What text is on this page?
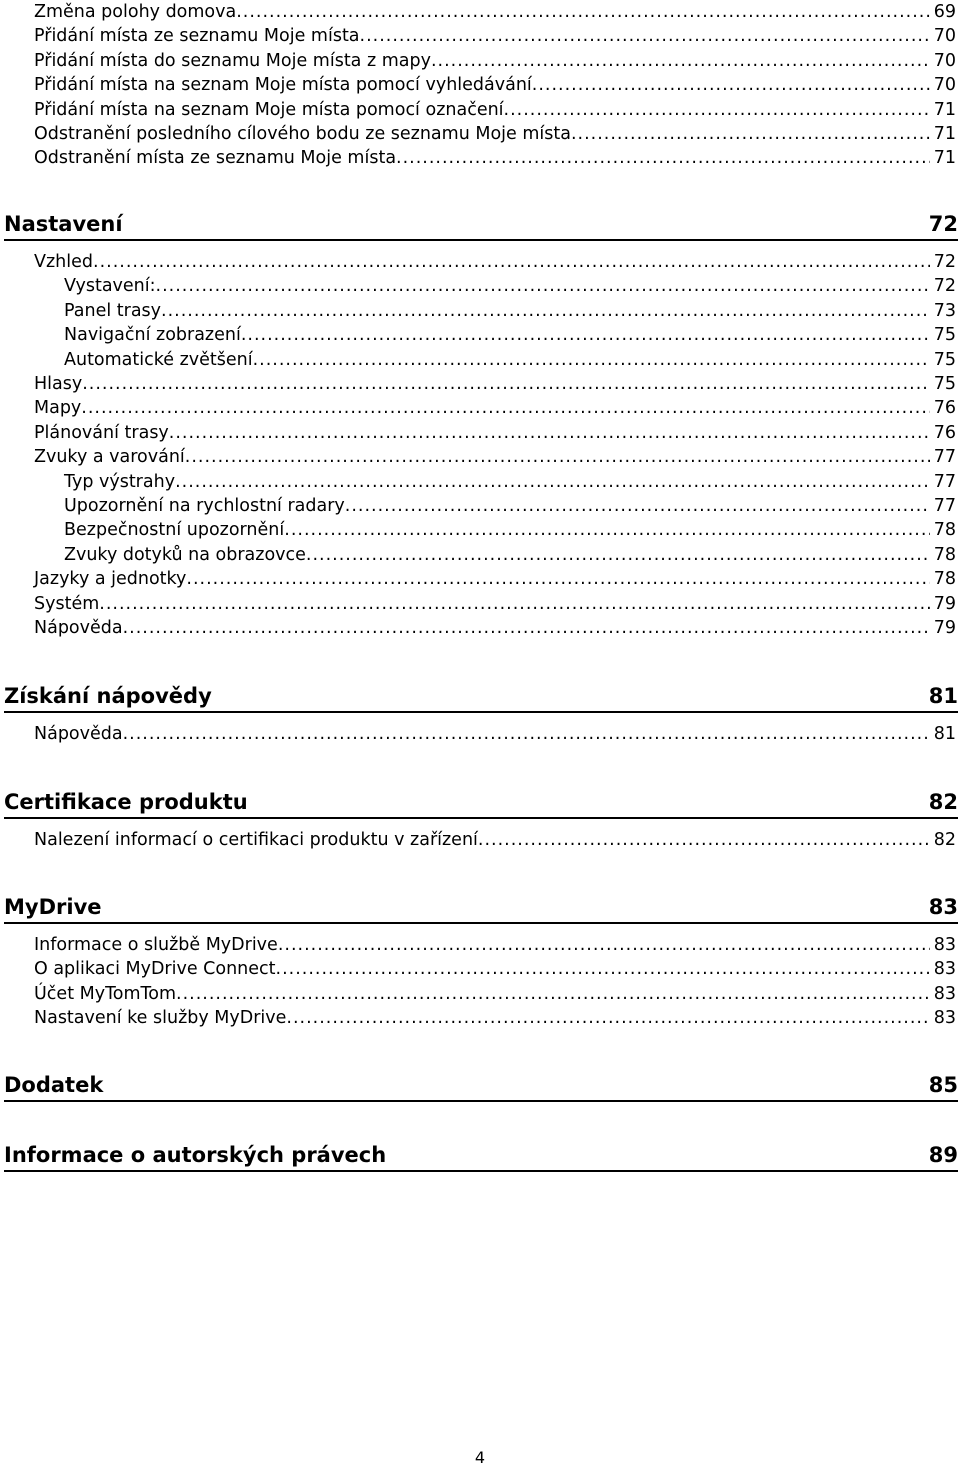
Změna polohy domova .....	69
Přidání místa ze seznamu Moje místa .....	70
Přidání místa do seznamu Moje místa z mapy .....	70
Přidání místa na seznam Moje místa pomocí vyhledávání .....	70
Přidání místa na seznam Moje místa pomocí označení .....	71
Odstranění posledního cílového bodu ze seznamu Moje místa .....	71
Odstranění místa ze seznamu Moje místa .....	71
Nastavení	72
Vzhled .....	72
Vystavení: .....	72
Panel trasy .....	73
Navigační zobrazení .....	75
Automatické zvětšení .....	75
Hlasy .....	75
Mapy .....	76
Plánování trasy .....	76
Zvuky a varování .....	77
Typ výstrahy .....	77
Upozornění na rychlostní radary .....	77
Bezpečnostní upozornění .....	78
Zvuky dotyků na obrazovce .....	78
Jazyky a jednotky .....	78
Systém .....	79
Nápověda .....	79
Získání nápovědy	81
Nápověda .....	81
Certifikace produktu	82
Nalezení informací o certifikaci produktu v zařízení .....	82
MyDrive	83
Informace o službě MyDrive .....	83
O aplikaci MyDrive Connect .....	83
Účet MyTomTom .....	83
Nastavení ke služby MyDrive .....	83
Dodatek	85
Informace o autorských právech	89
4
